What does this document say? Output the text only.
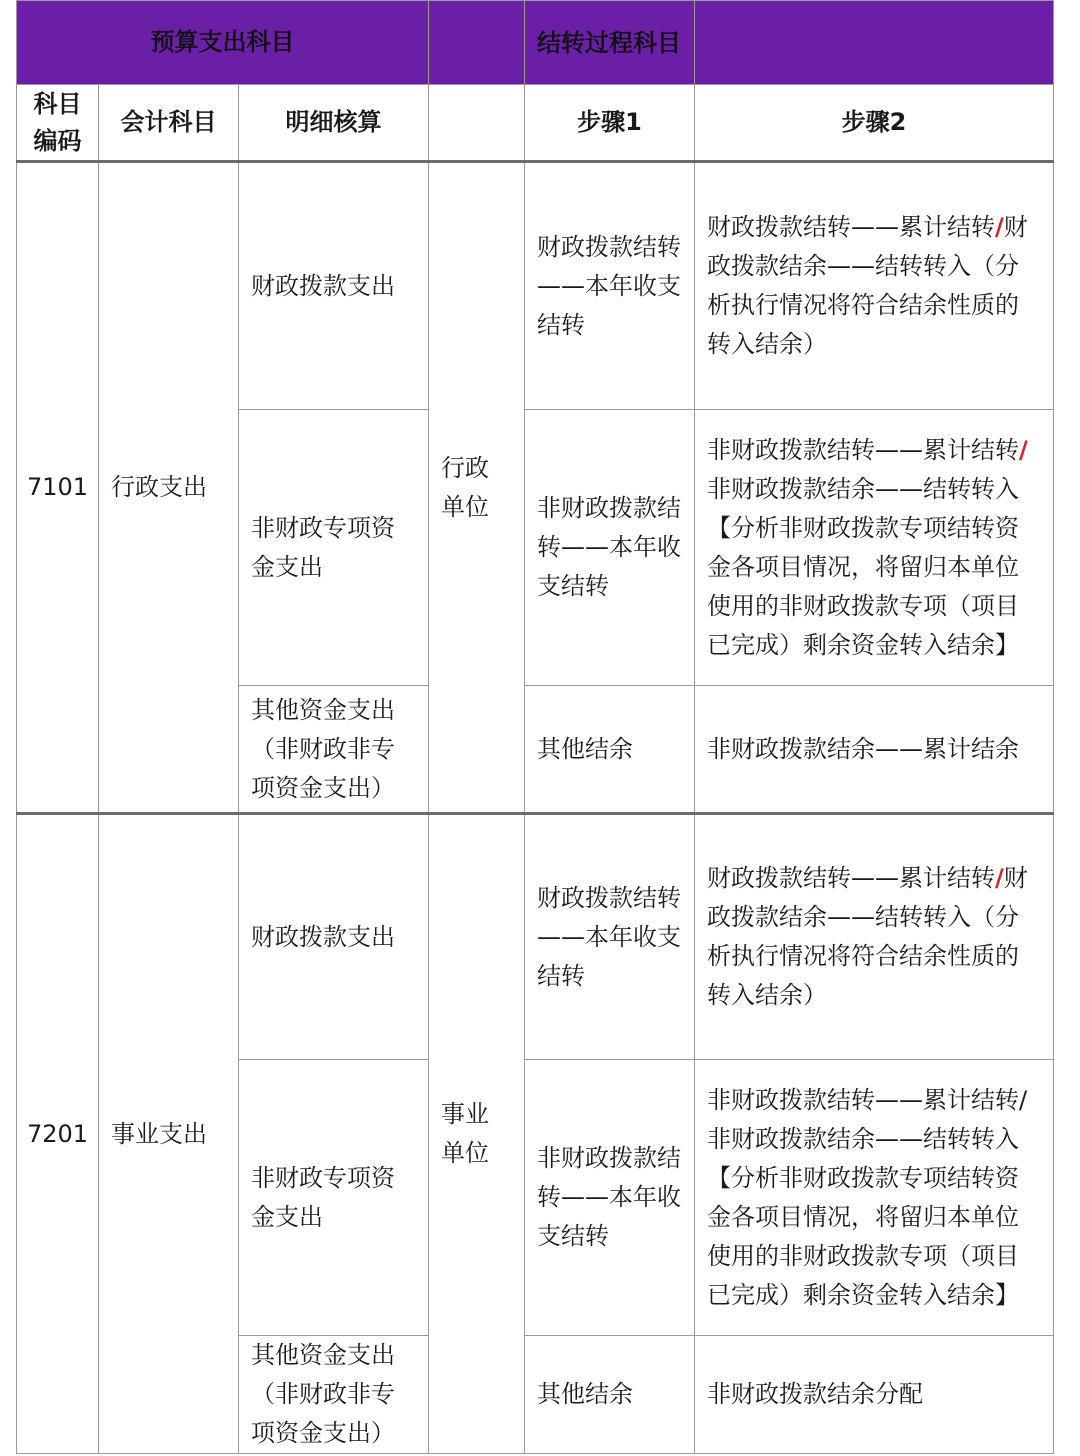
预算支出科目				结转过程科目	
科目编码	会计科目	明细核算		步骤1	步骤2
7101	行政支出	财政拨款支出	行政单位	财政拨款结转——本年收支结转	财政拨款结转——累计结转/财政拨款结余——结转转入（分析执行情况将符合结余性质的转入结余）
		非财政专项资金支出		非财政拨款结转——本年收支结转	非财政拨款结转——累计结转/非财政拨款结余——结转转入【分析非财政拨款专项结转资金各项目情况，将留归本单位使用的非财政拨款专项（项目已完成）剩余资金转入结余】
		其他资金支出（非财政非专项资金支出）		其他结余	非财政拨款结余——累计结余
7201	事业支出	财政拨款支出	事业单位	财政拨款结转——本年收支结转	财政拨款结转——累计结转/财政拨款结余——结转转入（分析执行情况将符合结余性质的转入结余）
		非财政专项资金支出		非财政拨款结转——本年收支结转	非财政拨款结转——累计结转/非财政拨款结余——结转转入【分析非财政拨款专项结转资金各项目情况，将留归本单位使用的非财政拨款专项（项目已完成）剩余资金转入结余】
		其他资金支出（非财政非专项资金支出）		其他结余	非财政拨款结余分配
